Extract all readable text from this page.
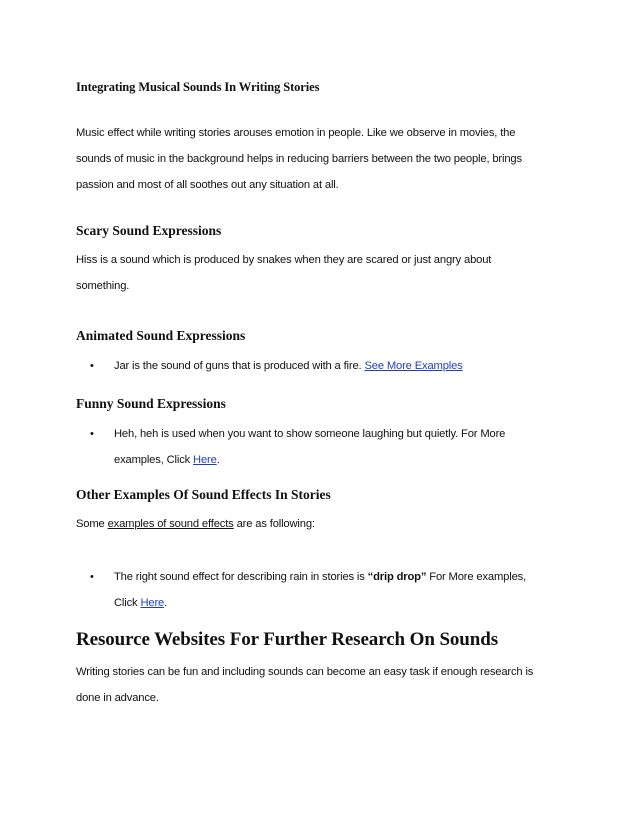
Integrating Musical Sounds In Writing Stories
Music effect while writing stories arouses emotion in people. Like we observe in movies, the
sounds of music in the background helps in reducing barriers between the two people, brings
passion and most of all soothes out any situation at all.
Scary Sound Expressions
Hiss is a sound which is produced by snakes when they are scared or just angry about
something.
Animated Sound Expressions
•	Jar is the sound of guns that is produced with a fire. See More Examples
Funny Sound Expressions
•	Heh, heh is used when you want to show someone laughing but quietly. For More
examples, Click Here.
Other Examples Of Sound Effects In Stories
Some examples of sound effects are as following:
•	The right sound effect for describing rain in stories is “drip drop” For More examples,
Click Here.
Resource Websites For Further Research On Sounds
Writing stories can be fun and including sounds can become an easy task if enough research is
done in advance.
